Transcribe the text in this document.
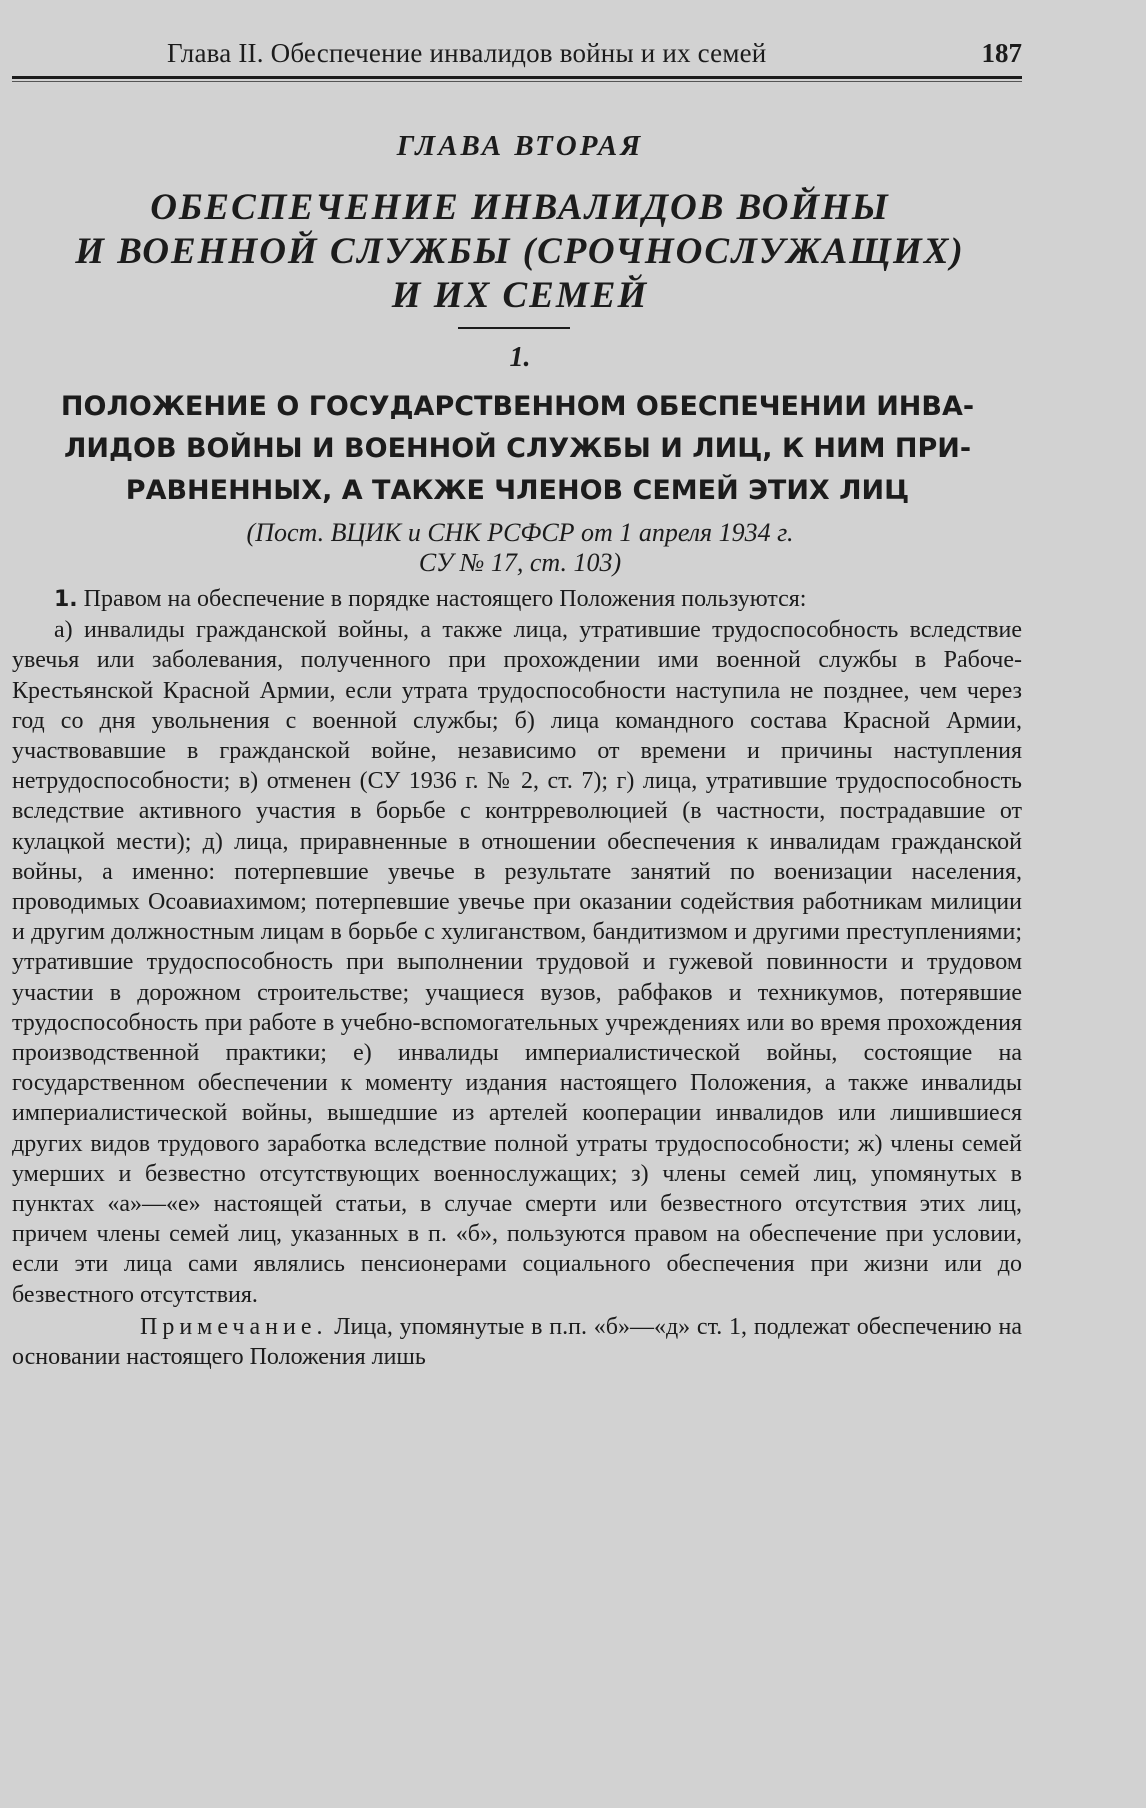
Глава II. Обеспечение инвалидов войны и их семей	187
ГЛАВА ВТОРАЯ
ОБЕСПЕЧЕНИЕ ИНВАЛИДОВ ВОЙНЫ
И ВОЕННОЙ СЛУЖБЫ (СРОЧНОСЛУЖАЩИХ)
И ИХ СЕМЕЙ
1.
ПОЛОЖЕНИЕ О ГОСУДАРСТВЕННОМ ОБЕСПЕЧЕНИИ ИНВА-
ЛИДОВ ВОЙНЫ И ВОЕННОЙ СЛУЖБЫ И ЛИЦ, К НИМ ПРИ-
РАВНЕННЫХ, А ТАКЖЕ ЧЛЕНОВ СЕМЕЙ ЭТИХ ЛИЦ
(Пост. ВЦИК и СНК РСФСР от 1 апреля 1934 г.
СУ № 17, ст. 103)

1. Правом на обеспечение в порядке настоящего Положения пользуются:

а) инвалиды гражданской войны, а также лица, утратившие трудоспособность вследствие увечья или заболевания, полученного при прохождении ими военной службы в Рабоче-Крестьянской Красной Армии, если утрата трудоспособности наступила не позднее, чем через год со дня увольнения с военной службы; б) лица командного состава Красной Армии, участвовавшие в гражданской войне, независимо от времени и причины наступления нетрудоспособности; в) отменен (СУ 1936 г. № 2, ст. 7); г) лица, утратившие трудоспособность вследствие активного участия в борьбе с контрреволюцией (в частности, пострадавшие от кулацкой мести); д) лица, приравненные в отношении обеспечения к инвалидам гражданской войны, а именно: потерпевшие увечье в результате занятий по военизации населения, проводимых Осоавиахимом; потерпевшие увечье при оказании содействия работникам милиции и другим должностным лицам в борьбе с хулиганством, бандитизмом и другими преступлениями; утратившие трудоспособность при выполнении трудовой и гужевой повинности и трудовом участии в дорожном строительстве; учащиеся вузов, рабфаков и техникумов, потерявшие трудоспособность при работе в учебно-вспомогательных учреждениях или во время прохождения производственной практики; е) инвалиды империалистической войны, состоящие на государственном обеспечении к моменту издания настоящего Положения, а также инвалиды империалистической войны, вышедшие из артелей кооперации инвалидов или лишившиеся других видов трудового заработка вследствие полной утраты трудоспособности; ж) члены семей умерших и безвестно отсутствующих военнослужащих; з) члены семей лиц, упомянутых в пунктах «а»—«е» настоящей статьи, в случае смерти или безвестного отсутствия этих лиц, причем члены семей лиц, указанных в п. «б», пользуются правом на обеспечение при условии, если эти лица сами являлись пенсионерами социального обеспечения при жизни или до безвестного отсутствия.

Примечание. Лица, упомянутые в п.п. «б»—«д» ст. 1, подлежат обеспечению на основании настоящего Положения лишь
